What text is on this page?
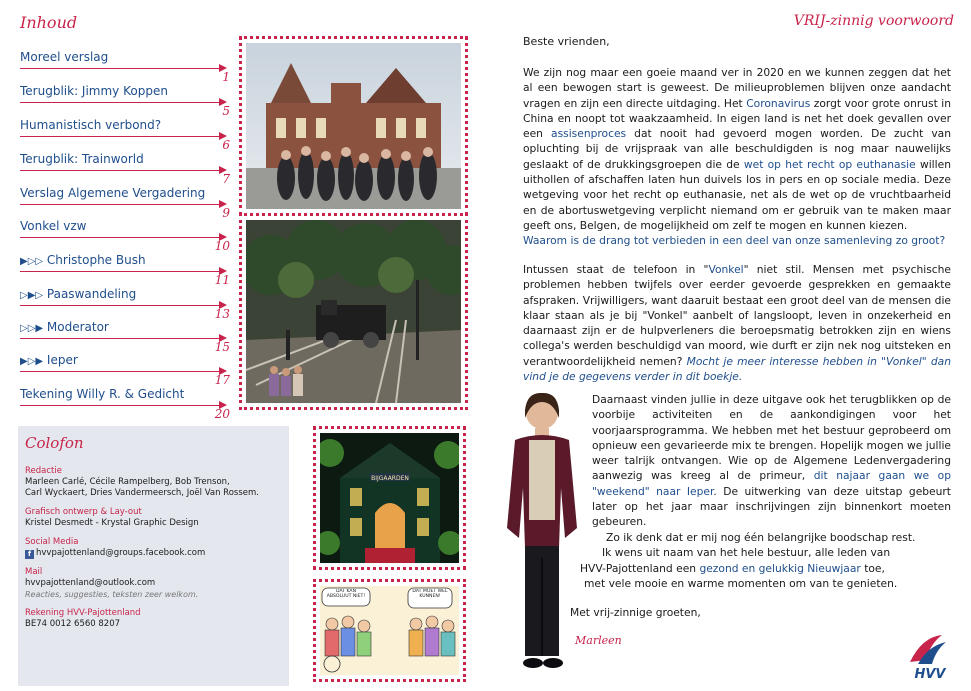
Inhoud
Moreel verslag
1
Terugblik: Jimmy Koppen
5
Humanistisch verbond?
6
Terugblik: Trainworld
7
Verslag Algemene Vergadering
9
Vonkel vzw
10
▶▷▷ Christophe Bush
11
▷▶▷ Paaswandeling
13
▷▷▶ Moderator
15
▶▷▶ Ieper
17
Tekening Willy R. & Gedicht
20
BIJGAARDEN
DAT KAN ABSOLUUT NIET!
DAT MOET WEL KUNNEN!
Colofon
Redactie
Marleen Carlé, Cécile Rampelberg, Bob Trenson,
Carl Wyckaert, Dries Vandermeersch, Joël Van Rossem.
Grafisch ontwerp & Lay-out
Kristel Desmedt - Krystal Graphic Design
Social Media
f hvvpajottenland@groups.facebook.com
Mail
hvvpajottenland@outlook.com
Reacties, suggesties, teksten zeer welkom.
Rekening HVV-Pajottenland
BE74 0012 6560 8207
VRIJ-zinnig voorwoord
Beste vrienden,
We zijn nog maar een goeie maand ver in 2020 en we kunnen zeggen dat het al een bewogen start is geweest. De milieuproblemen blijven onze aandacht vragen en zijn een directe uitdaging. Het Coronavirus zorgt voor grote onrust in China en noopt tot waakzaamheid. In eigen land is net het doek gevallen over een assisenproces dat nooit had gevoerd mogen worden. De zucht van opluchting bij de vrijspraak van alle beschuldigden is nog maar nauwelijks geslaakt of de drukkingsgroepen die de wet op het recht op euthanasie willen uithollen of afschaffen laten hun duivels los in pers en op sociale media. Deze wetgeving voor het recht op euthanasie, net als de wet op de vruchtbaarheid en de abortuswetgeving verplicht niemand om er gebruik van te maken maar geeft ons, Belgen, de mogelijkheid om zelf te mogen en kunnen kiezen.
Waarom is de drang tot verbieden in een deel van onze samenleving zo groot?
Intussen staat de telefoon in "Vonkel" niet stil. Mensen met psychische problemen hebben twijfels over eerder gevoerde gesprekken en gemaakte afspraken. Vrijwilligers, want daaruit bestaat een groot deel van de mensen die klaar staan als je bij "Vonkel" aanbelt of langsloopt, leven in onzekerheid en daarnaast zijn er de hulpverleners die beroepsmatig betrokken zijn en wiens collega's werden beschuldigd van moord, wie durft er zijn nek nog uitsteken en verantwoordelijkheid nemen? Mocht je meer interesse hebben in "Vonkel" dan vind je de gegevens verder in dit boekje.
Daarnaast vinden jullie in deze uitgave ook het terugblikken op de voorbije activiteiten en de aankondigingen voor het voorjaarsprogramma. We hebben met het bestuur geprobeerd om opnieuw een gevarieerde mix te brengen. Hopelijk mogen we jullie weer talrijk ontvangen. Wie op de Algemene Ledenvergadering aanwezig was kreeg al de primeur, dit najaar gaan we op "weekend" naar Ieper. De uitwerking van deze uitstap gebeurt later op het jaar maar inschrijvingen zijn binnenkort moeten gebeuren.
Zo ik denk dat er mij nog één belangrijke boodschap rest.
Ik wens uit naam van het hele bestuur, alle leden van
HVV-Pajottenland een gezond en gelukkig Nieuwjaar toe,
met vele mooie en warme momenten om van te genieten.
Met vrij-zinnige groeten,
Marleen
HVV
